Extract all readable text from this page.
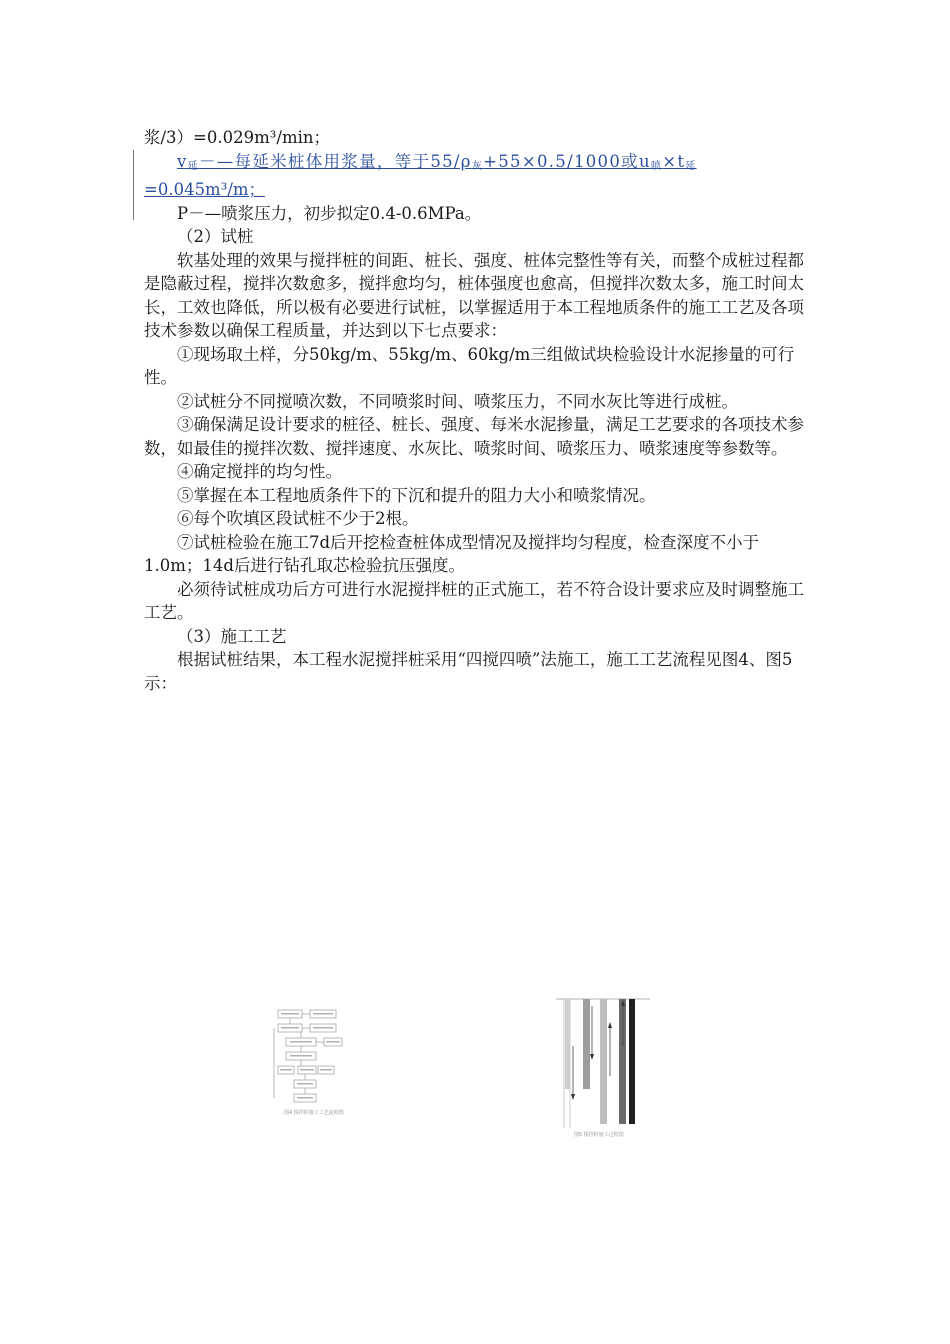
浆/3）=0.029m³/min；

$v_延-—$每延米桩体用浆量，等于$55/\rho_灰+55\times 0.5/1000$或$u_喷\times t_延$

=0.045m³/m；

P－—喷浆压力，初步拟定0.4-0.6MPa。

（2）试桩

软基处理的效果与搅拌桩的间距、桩长、强度、桩体完整性等有关，而整个成桩过程都是隐蔽过程，搅拌次数愈多，搅拌愈均匀，桩体强度也愈高，但搅拌次数太多，施工时间太长，工效也降低，所以极有必要进行试桩，以掌握适用于本工程地质条件的施工工艺及各项技术参数以确保工程质量，并达到以下七点要求：

①现场取土样，分50kg/m、55kg/m、60kg/m三组做试块检验设计水泥掺量的可行性。

②试桩分不同搅喷次数，不同喷浆时间、喷浆压力，不同水灰比等进行成桩。

③确保满足设计要求的桩径、桩长、强度、每米水泥掺量，满足工艺要求的各项技术参数，如最佳的搅拌次数、搅拌速度、水灰比、喷浆时间、喷浆压力、喷浆速度等参数等。

④确定搅拌的均匀性。

⑤掌握在本工程地质条件下的下沉和提升的阻力大小和喷浆情况。

⑥每个吹填区段试桩不少于2根。

⑦试桩检验在施工7d后开挖检查桩体成型情况及搅拌均匀程度，检查深度不小于1.0m；14d后进行钻孔取芯检验抗压强度。

必须待试桩成功后方可进行水泥搅拌桩的正式施工，若不符合设计要求应及时调整施工工艺。

（3）施工工艺

根据试桩结果，本工程水泥搅拌桩采用“四搅四喷”法施工，施工工艺流程见图4、图5示：

图4 搅拌桩施工工艺流程图
图5 搅拌桩施工过程图
